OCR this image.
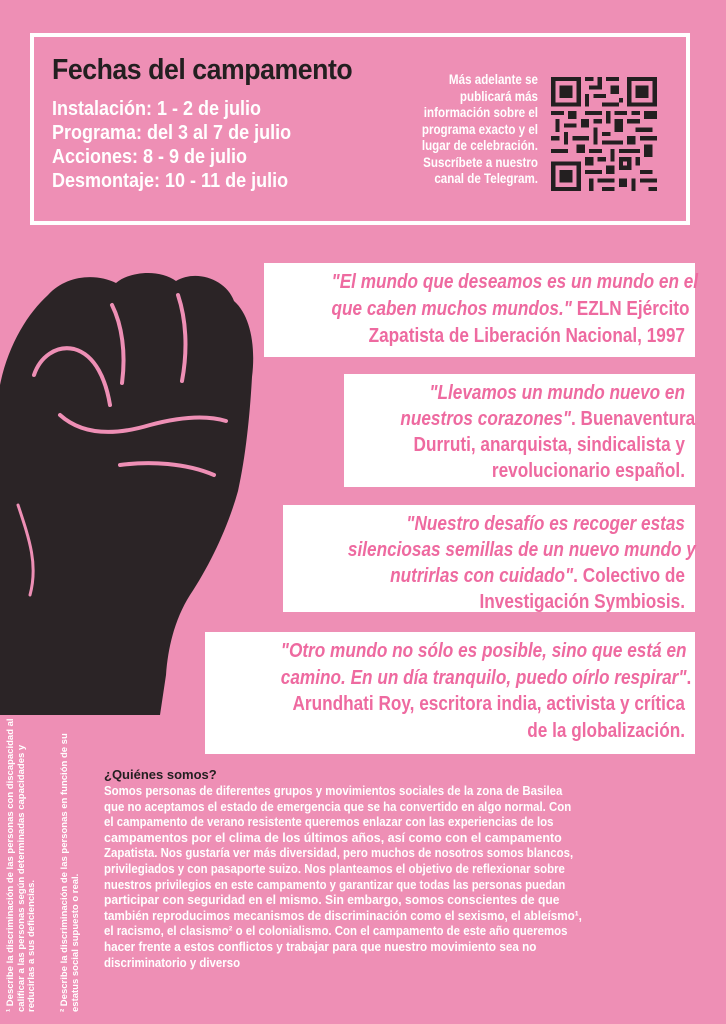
Fechas del campamento
Instalación: 1 - 2 de julio
Programa: del 3 al 7 de julio
Acciones: 8 - 9 de julio
Desmontaje: 10 - 11 de julio
Más adelante se
publicará más
información sobre el
programa exacto y el
lugar de celebración.
Suscríbete a nuestro
canal de Telegram.
"El mundo que deseamos es un mundo en el
que caben muchos mundos." EZLN Ejército
Zapatista de Liberación Nacional, 1997
"Llevamos un mundo nuevo en
nuestros corazones". Buenaventura
Durruti, anarquista, sindicalista y
revolucionario español.
"Nuestro desafío es recoger estas
silenciosas semillas de un nuevo mundo y
nutrirlas con cuidado". Colectivo de
Investigación Symbiosis.
"Otro mundo no sólo es posible, sino que está en
camino. En un día tranquilo, puedo oírlo respirar".
Arundhati Roy, escritora india, activista y crítica
de la globalización.
¿Quiénes somos?
Somos personas de diferentes grupos y movimientos sociales de la zona de Basilea
que no aceptamos el estado de emergencia que se ha convertido en algo normal. Con
el campamento de verano resistente queremos enlazar con las experiencias de los
campamentos por el clima de los últimos años, así como con el campamento
Zapatista. Nos gustaría ver más diversidad, pero muchos de nosotros somos blancos,
privilegiados y con pasaporte suizo. Nos planteamos el objetivo de reflexionar sobre
nuestros privilegios en este campamento y garantizar que todas las personas puedan
participar con seguridad en el mismo. Sin embargo, somos conscientes de que
también reproducimos mecanismos de discriminación como el sexismo, el ableísmo¹,
el racismo, el clasismo² o el colonialismo. Con el campamento de este año queremos
hacer frente a estos conflictos y trabajar para que nuestro movimiento sea no
discriminatorio y diverso
¹ Describe la discriminación de las personas con discapacidad al calificar a las personas según determinadas capacidades y reducirlas a sus deficiencias. ² Describe la discriminación de las personas en función de su estatus social supuesto o real.
